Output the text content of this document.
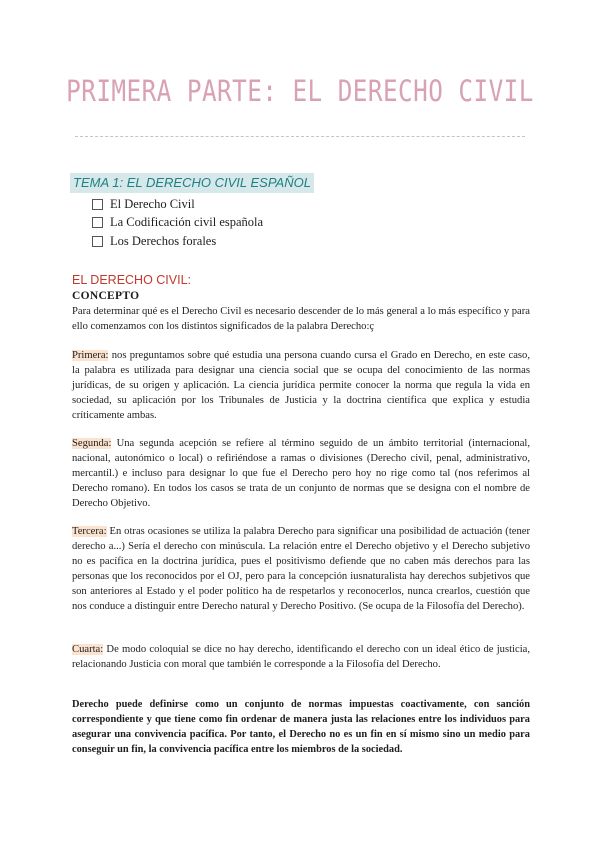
PRIMERA PARTE: EL DERECHO CIVIL
TEMA 1: EL DERECHO CIVIL ESPAÑOL
El Derecho Civil
La Codificación civil española
Los Derechos forales
EL DERECHO CIVIL:
CONCEPTO

Para determinar qué es el Derecho Civil es necesario descender de lo más general a lo más específico y para ello comenzamos con los distintos significados de la palabra Derecho:ç

Primera: nos preguntamos sobre qué estudia una persona cuando cursa el Grado en Derecho, en este caso, la palabra es utilizada para designar una ciencia social que se ocupa del conocimiento de las normas jurídicas, de su origen y aplicación. La ciencia jurídica permite conocer la norma que regula la vida en sociedad, su aplicación por los Tribunales de Justicia y la doctrina científica que explica y estudia críticamente ambas.

Segunda: Una segunda acepción se refiere al término seguido de un ámbito territorial (internacional, nacional, autonómico o local) o refiriéndose a ramas o divisiones (Derecho civil, penal, administrativo, mercantil.) e incluso para designar lo que fue el Derecho pero hoy no rige como tal (nos referimos al Derecho romano). En todos los casos se trata de un conjunto de normas que se designa con el nombre de Derecho Objetivo.

Tercera: En otras ocasiones se utiliza la palabra Derecho para significar una posibilidad de actuación (tener derecho a...) Sería el derecho con minúscula. La relación entre el Derecho objetivo y el Derecho subjetivo no es pacífica en la doctrina jurídica, pues el positivismo defiende que no caben más derechos para las personas que los reconocidos por el OJ, pero para la concepción iusnaturalista hay derechos subjetivos que son anteriores al Estado y el poder político ha de respetarlos y reconocerlos, nunca crearlos, cuestión que nos conduce a distinguir entre Derecho natural y Derecho Positivo. (Se ocupa de la Filosofía del Derecho).

Cuarta: De modo coloquial se dice no hay derecho, identificando el derecho con un ideal ético de justicia, relacionando Justicia con moral que también le corresponde a la Filosofía del Derecho.

Derecho puede definirse como un conjunto de normas impuestas coactivamente, con sanción correspondiente y que tiene como fin ordenar de manera justa las relaciones entre los individuos para asegurar una convivencia pacífica. Por tanto, el Derecho no es un fin en sí mismo sino un medio para conseguir un fin, la convivencia pacífica entre los miembros de la sociedad.
